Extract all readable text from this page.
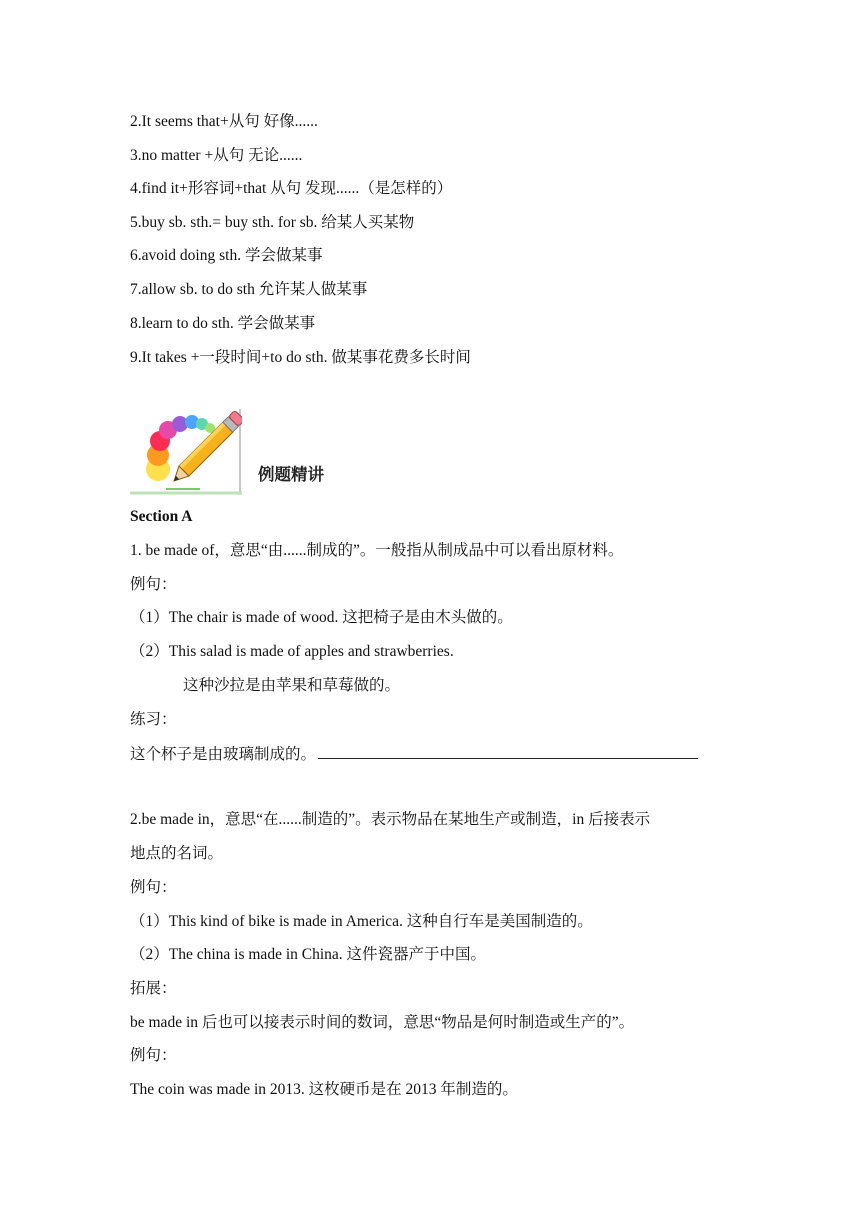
2.It seems that+从句 好像......
3.no matter +从句 无论......
4.find it+形容词+that 从句 发现......（是怎样的）
5.buy sb. sth.= buy sth. for sb. 给某人买某物
6.avoid doing sth. 学会做某事
7.allow sb. to do sth 允许某人做某事
8.learn to do sth. 学会做某事
9.It takes +一段时间+to do sth. 做某事花费多长时间
例题精讲
Section A
1. be made of，意思“由......制成的”。一般指从制成品中可以看出原材料。
例句：
（1）The chair is made of wood. 这把椅子是由木头做的。
（2）This salad is made of apples and strawberries.
这种沙拉是由苹果和草莓做的。
练习：
这个杯子是由玻璃制成的。
2.be made in，意思“在......制造的”。表示物品在某地生产或制造，in 后接表示
地点的名词。
例句：
（1）This kind of bike is made in America. 这种自行车是美国制造的。
（2）The china is made in China. 这件瓷器产于中国。
拓展：
be made in 后也可以接表示时间的数词，意思“物品是何时制造或生产的”。
例句：
The coin was made in 2013. 这枚硬币是在 2013 年制造的。
